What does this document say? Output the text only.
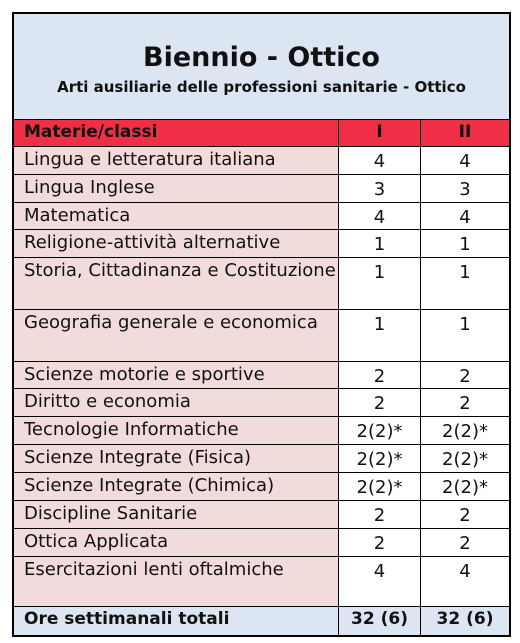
Biennio - Ottico
Arti ausiliarie delle professioni sanitarie - Ottico
Materie/classi	I	II
Lingua e letteratura italiana	4	4
Lingua Inglese	3	3
Matematica	4	4
Religione-attività alternative	1	1
Storia, Cittadinanza e Costituzione	1	1
Geografia generale e economica	1	1
Scienze motorie e sportive	2	2
Diritto e economia	2	2
Tecnologie Informatiche	2(2)*	2(2)*
Scienze Integrate (Fisica)	2(2)*	2(2)*
Scienze Integrate (Chimica)	2(2)*	2(2)*
Discipline Sanitarie	2	2
Ottica Applicata	2	2
Esercitazioni lenti oftalmiche	4	4
Ore settimanali totali	32 (6)	32 (6)
